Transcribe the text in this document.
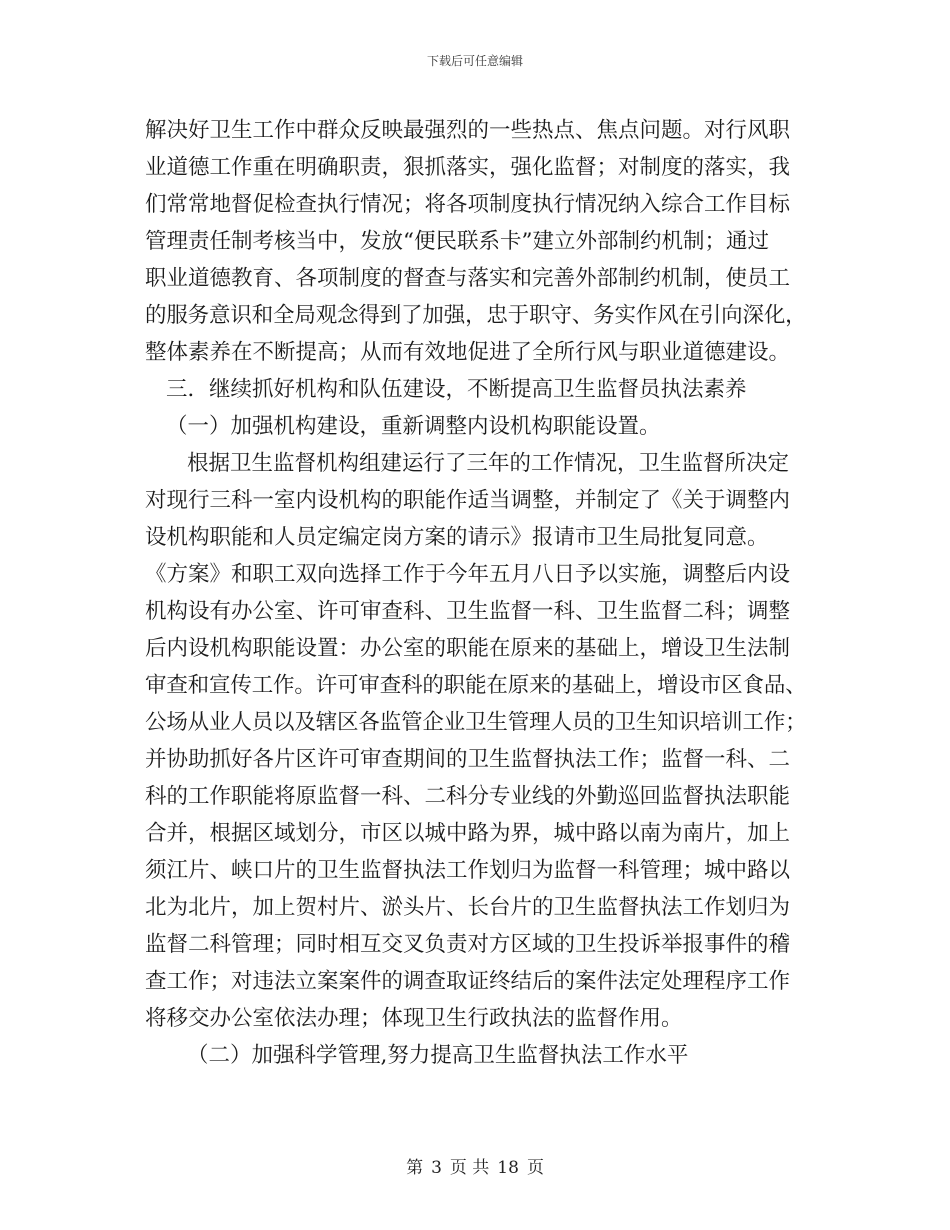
下载后可任意编辑
解决好卫生工作中群众反映最强烈的一些热点、焦点问题。对行风职
业道德工作重在明确职责，狠抓落实，强化监督；对制度的落实，我
们常常地督促检查执行情况；将各项制度执行情况纳入综合工作目标
管理责任制考核当中，发放“便民联系卡”建立外部制约机制；通过
职业道德教育、各项制度的督查与落实和完善外部制约机制，使员工
的服务意识和全局观念得到了加强，忠于职守、务实作风在引向深化，
整体素养在不断提高；从而有效地促进了全所行风与职业道德建设。
三．继续抓好机构和队伍建设，不断提高卫生监督员执法素养
（一）加强机构建设，重新调整内设机构职能设置。
根据卫生监督机构组建运行了三年的工作情况，卫生监督所决定
对现行三科一室内设机构的职能作适当调整，并制定了《关于调整内
设机构职能和人员定编定岗方案的请示》报请市卫生局批复同意。
《方案》和职工双向选择工作于今年五月八日予以实施，调整后内设
机构设有办公室、许可审查科、卫生监督一科、卫生监督二科；调整
后内设机构职能设置：办公室的职能在原来的基础上，增设卫生法制
审查和宣传工作。许可审查科的职能在原来的基础上，增设市区食品、
公场从业人员以及辖区各监管企业卫生管理人员的卫生知识培训工作；
并协助抓好各片区许可审查期间的卫生监督执法工作；监督一科、二
科的工作职能将原监督一科、二科分专业线的外勤巡回监督执法职能
合并，根据区域划分，市区以城中路为界，城中路以南为南片，加上
须江片、峡口片的卫生监督执法工作划归为监督一科管理；城中路以
北为北片，加上贺村片、淤头片、长台片的卫生监督执法工作划归为
监督二科管理；同时相互交叉负责对方区域的卫生投诉举报事件的稽
查工作；对违法立案案件的调查取证终结后的案件法定处理程序工作
将移交办公室依法办理；体现卫生行政执法的监督作用。
（二）加强科学管理,努力提高卫生监督执法工作水平
第 3 页 共 18 页
